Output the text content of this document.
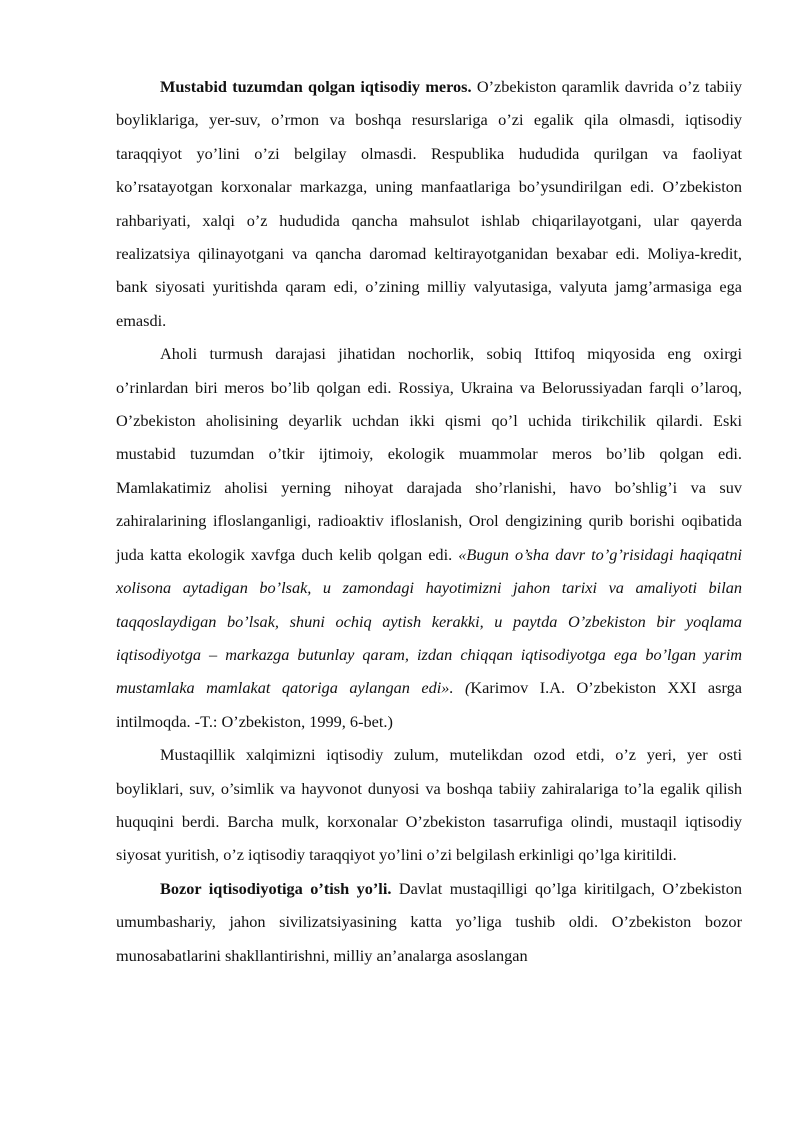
Mustabid tuzumdan qolgan iqtisodiy meros. O’zbekiston qaramlik davrida o’z tabiiy boyliklariga, yer-suv, o’rmon va boshqa resurslariga o’zi egalik qila olmasdi, iqtisodiy taraqqiyot yo’lini o’zi belgilay olmasdi. Respublika hududida qurilgan va faoliyat ko’rsatayotgan korxonalar markazga, uning manfaatlariga bo’ysundirilgan edi. O’zbekiston rahbariyati, xalqi o’z hududida qancha mahsulot ishlab chiqarilayotgani, ular qayerda realizatsiya qilinayotgani va qancha daromad keltirayotganidan bexabar edi. Moliya-kredit, bank siyosati yuritishda qaram edi, o’zining milliy valyutasiga, valyuta jamg’armasiga ega emasdi.

Aholi turmush darajasi jihatidan nochorlik, sobiq Ittifoq miqyosida eng oxirgi o’rinlardan biri meros bo’lib qolgan edi. Rossiya, Ukraina va Belorussiyadan farqli o’laroq, O’zbekiston aholisining deyarlik uchdan ikki qismi qo’l uchida tirikchilik qilardi. Eski mustabid tuzumdan o’tkir ijtimoiy, ekologik muammolar meros bo’lib qolgan edi. Mamlakatimiz aholisi yerning nihoyat darajada sho’rlanishi, havo bo’shlig’i va suv zahiralarining ifloslanganligi, radioaktiv ifloslanish, Orol dengizining qurib borishi oqibatida juda katta ekologik xavfga duch kelib qolgan edi. «Bugun o’sha davr to’g’risidagi haqiqatni xolisona aytadigan bo’lsak, u zamondagi hayotimizni jahon tarixi va amaliyoti bilan taqqoslaydigan bo’lsak, shuni ochiq aytish kerakki, u paytda O’zbekiston bir yoqlama iqtisodiyotga – markazga butunlay qaram, izdan chiqqan iqtisodiyotga ega bo’lgan yarim mustamlaka mamlakat qatoriga aylangan edi». (Karimov I.A. O’zbekiston XXI asrga intilmoqda. -T.: O’zbekiston, 1999, 6-bet.)

Mustaqillik xalqimizni iqtisodiy zulum, mutelikdan ozod etdi, o’z yeri, yer osti boyliklari, suv, o’simlik va hayvonot dunyosi va boshqa tabiiy zahiralariga to’la egalik qilish huquqini berdi. Barcha mulk, korxonalar O’zbekiston tasarrufiga olindi, mustaqil iqtisodiy siyosat yuritish, o’z iqtisodiy taraqqiyot yo’lini o’zi belgilash erkinligi qo’lga kiritildi.

Bozor iqtisodiyotiga o’tish yo’li. Davlat mustaqilligi qo’lga kiritilgach, O’zbekiston umumbashariy, jahon sivilizatsiyasining katta yo’liga tushib oldi. O’zbekiston bozor munosabatlarini shakllantirishni, milliy an’analarga asoslangan
